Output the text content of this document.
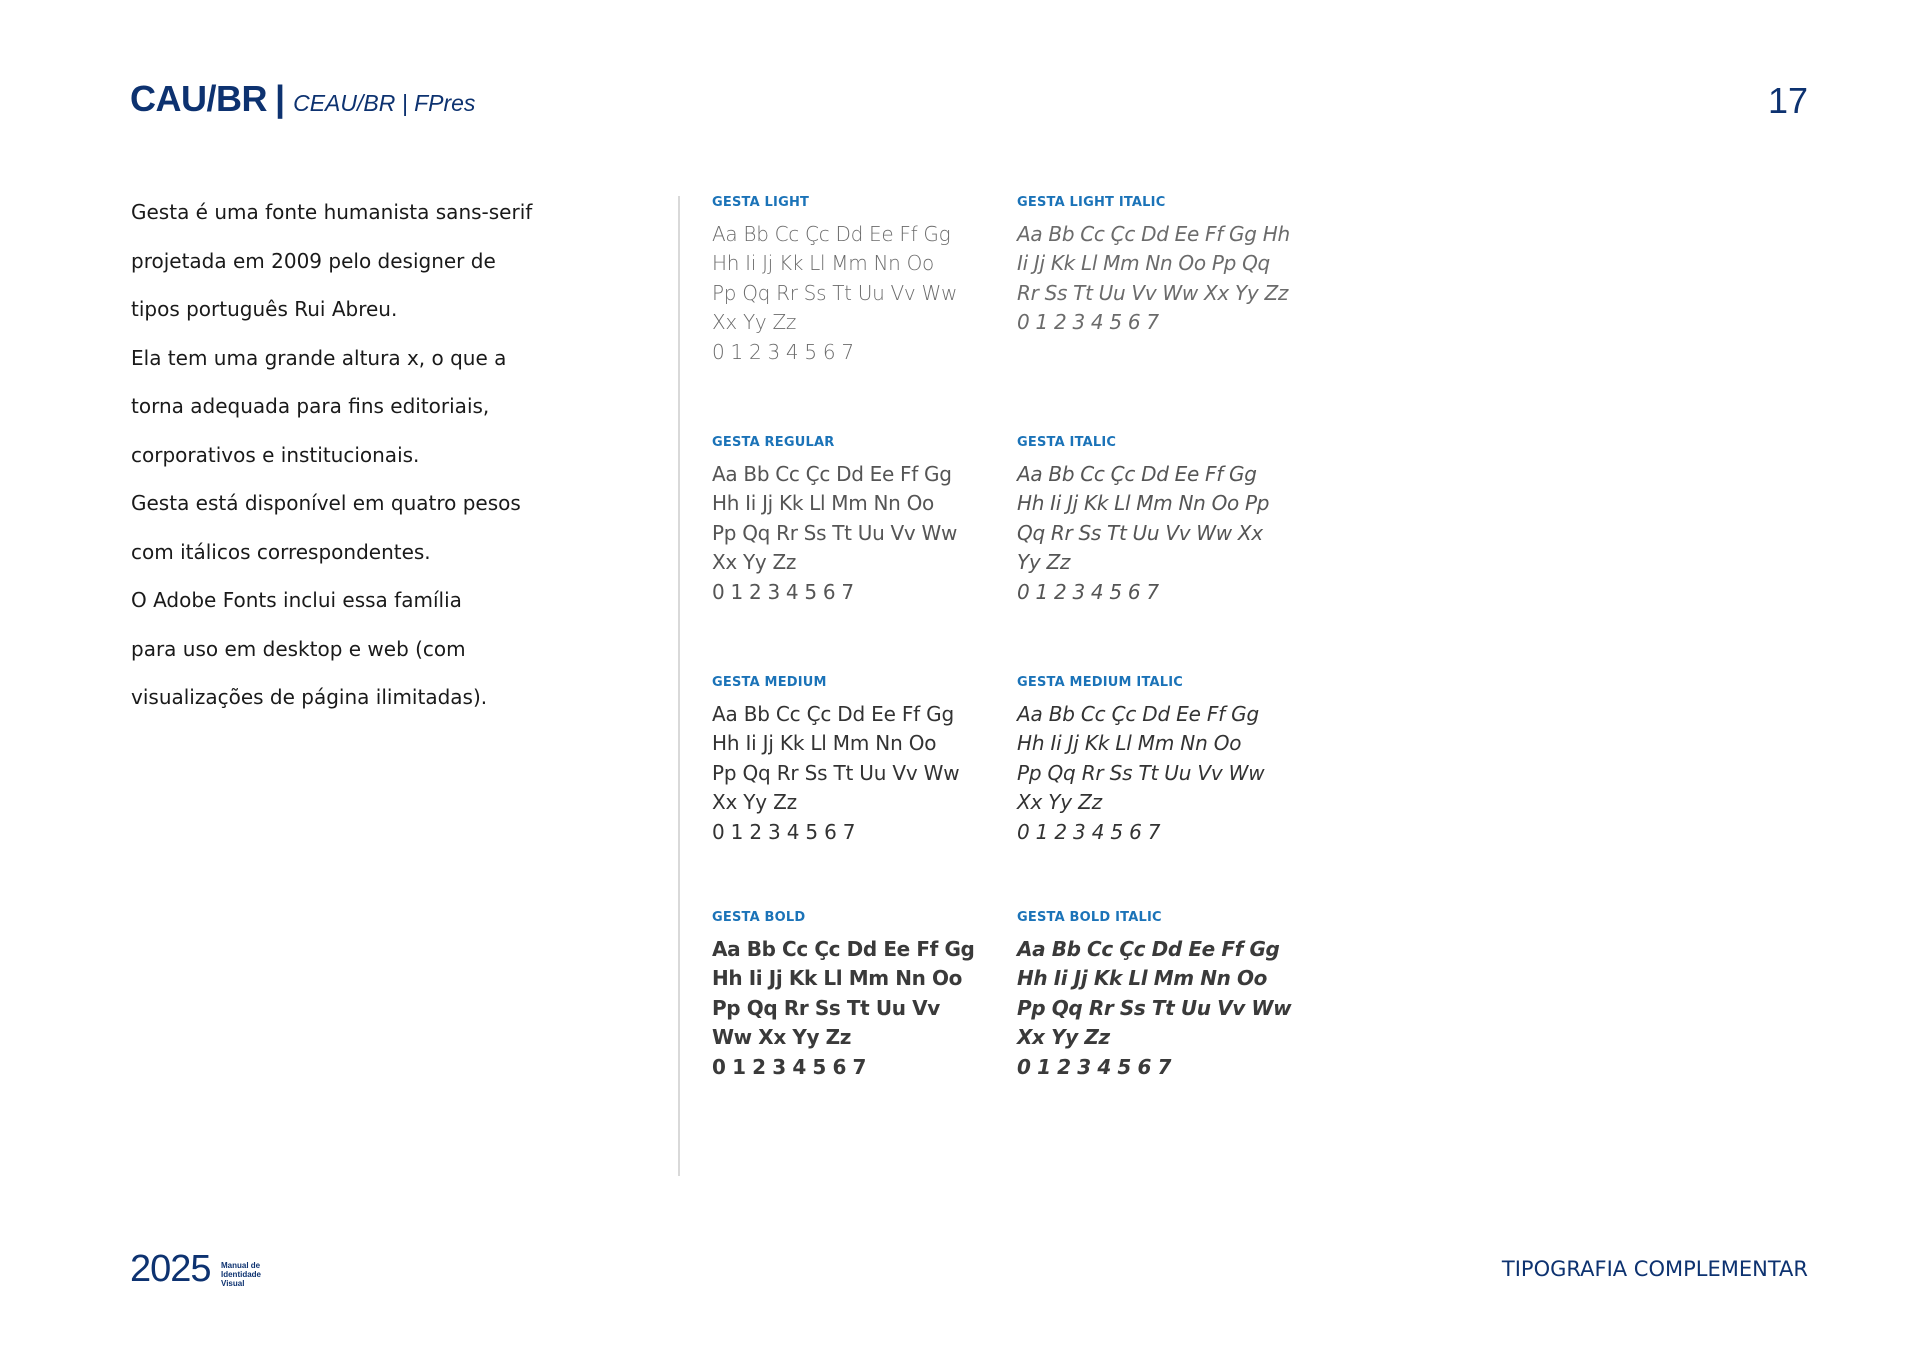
CAU/BR | CEAU/BR | FPres	17
Gesta é uma fonte humanista sans-serif
projetada em 2009 pelo designer de
tipos português Rui Abreu.
Ela tem uma grande altura x, o que a
torna adequada para fins editoriais,
corporativos e institucionais.
Gesta está disponível em quatro pesos
com itálicos correspondentes.
O Adobe Fonts inclui essa família
para uso em desktop e web (com
visualizações de página ilimitadas).
GESTA LIGHT
Aa Bb Cc Çc Dd Ee Ff Gg
Hh Ii Jj Kk Ll Mm Nn Oo
Pp Qq Rr Ss Tt Uu Vv Ww
Xx Yy Zz
0 1 2 3 4 5 6 7
GESTA LIGHT ITALIC
Aa Bb Cc Çc Dd Ee Ff Gg Hh
Ii Jj Kk Ll Mm Nn Oo Pp Qq
Rr Ss Tt Uu Vv Ww Xx Yy Zz
0 1 2 3 4 5 6 7
GESTA REGULAR
Aa Bb Cc Çc Dd Ee Ff Gg
Hh Ii Jj Kk Ll Mm Nn Oo
Pp Qq Rr Ss Tt Uu Vv Ww
Xx Yy Zz
0 1 2 3 4 5 6 7
GESTA ITALIC
Aa Bb Cc Çc Dd Ee Ff Gg
Hh Ii Jj Kk Ll Mm Nn Oo Pp
Qq Rr Ss Tt Uu Vv Ww Xx
Yy Zz
0 1 2 3 4 5 6 7
GESTA MEDIUM
Aa Bb Cc Çc Dd Ee Ff Gg
Hh Ii Jj Kk Ll Mm Nn Oo
Pp Qq Rr Ss Tt Uu Vv Ww
Xx Yy Zz
0 1 2 3 4 5 6 7
GESTA MEDIUM ITALIC
Aa Bb Cc Çc Dd Ee Ff Gg
Hh Ii Jj Kk Ll Mm Nn Oo
Pp Qq Rr Ss Tt Uu Vv Ww
Xx Yy Zz
0 1 2 3 4 5 6 7
GESTA BOLD
Aa Bb Cc Çc Dd Ee Ff Gg
Hh Ii Jj Kk Ll Mm Nn Oo
Pp Qq Rr Ss Tt Uu Vv
Ww Xx Yy Zz
0 1 2 3 4 5 6 7
GESTA BOLD ITALIC
Aa Bb Cc Çc Dd Ee Ff Gg
Hh Ii Jj Kk Ll Mm Nn Oo
Pp Qq Rr Ss Tt Uu Vv Ww
Xx Yy Zz
0 1 2 3 4 5 6 7
2025 Manual de
Identidade
Visual
TIPOGRAFIA COMPLEMENTAR
